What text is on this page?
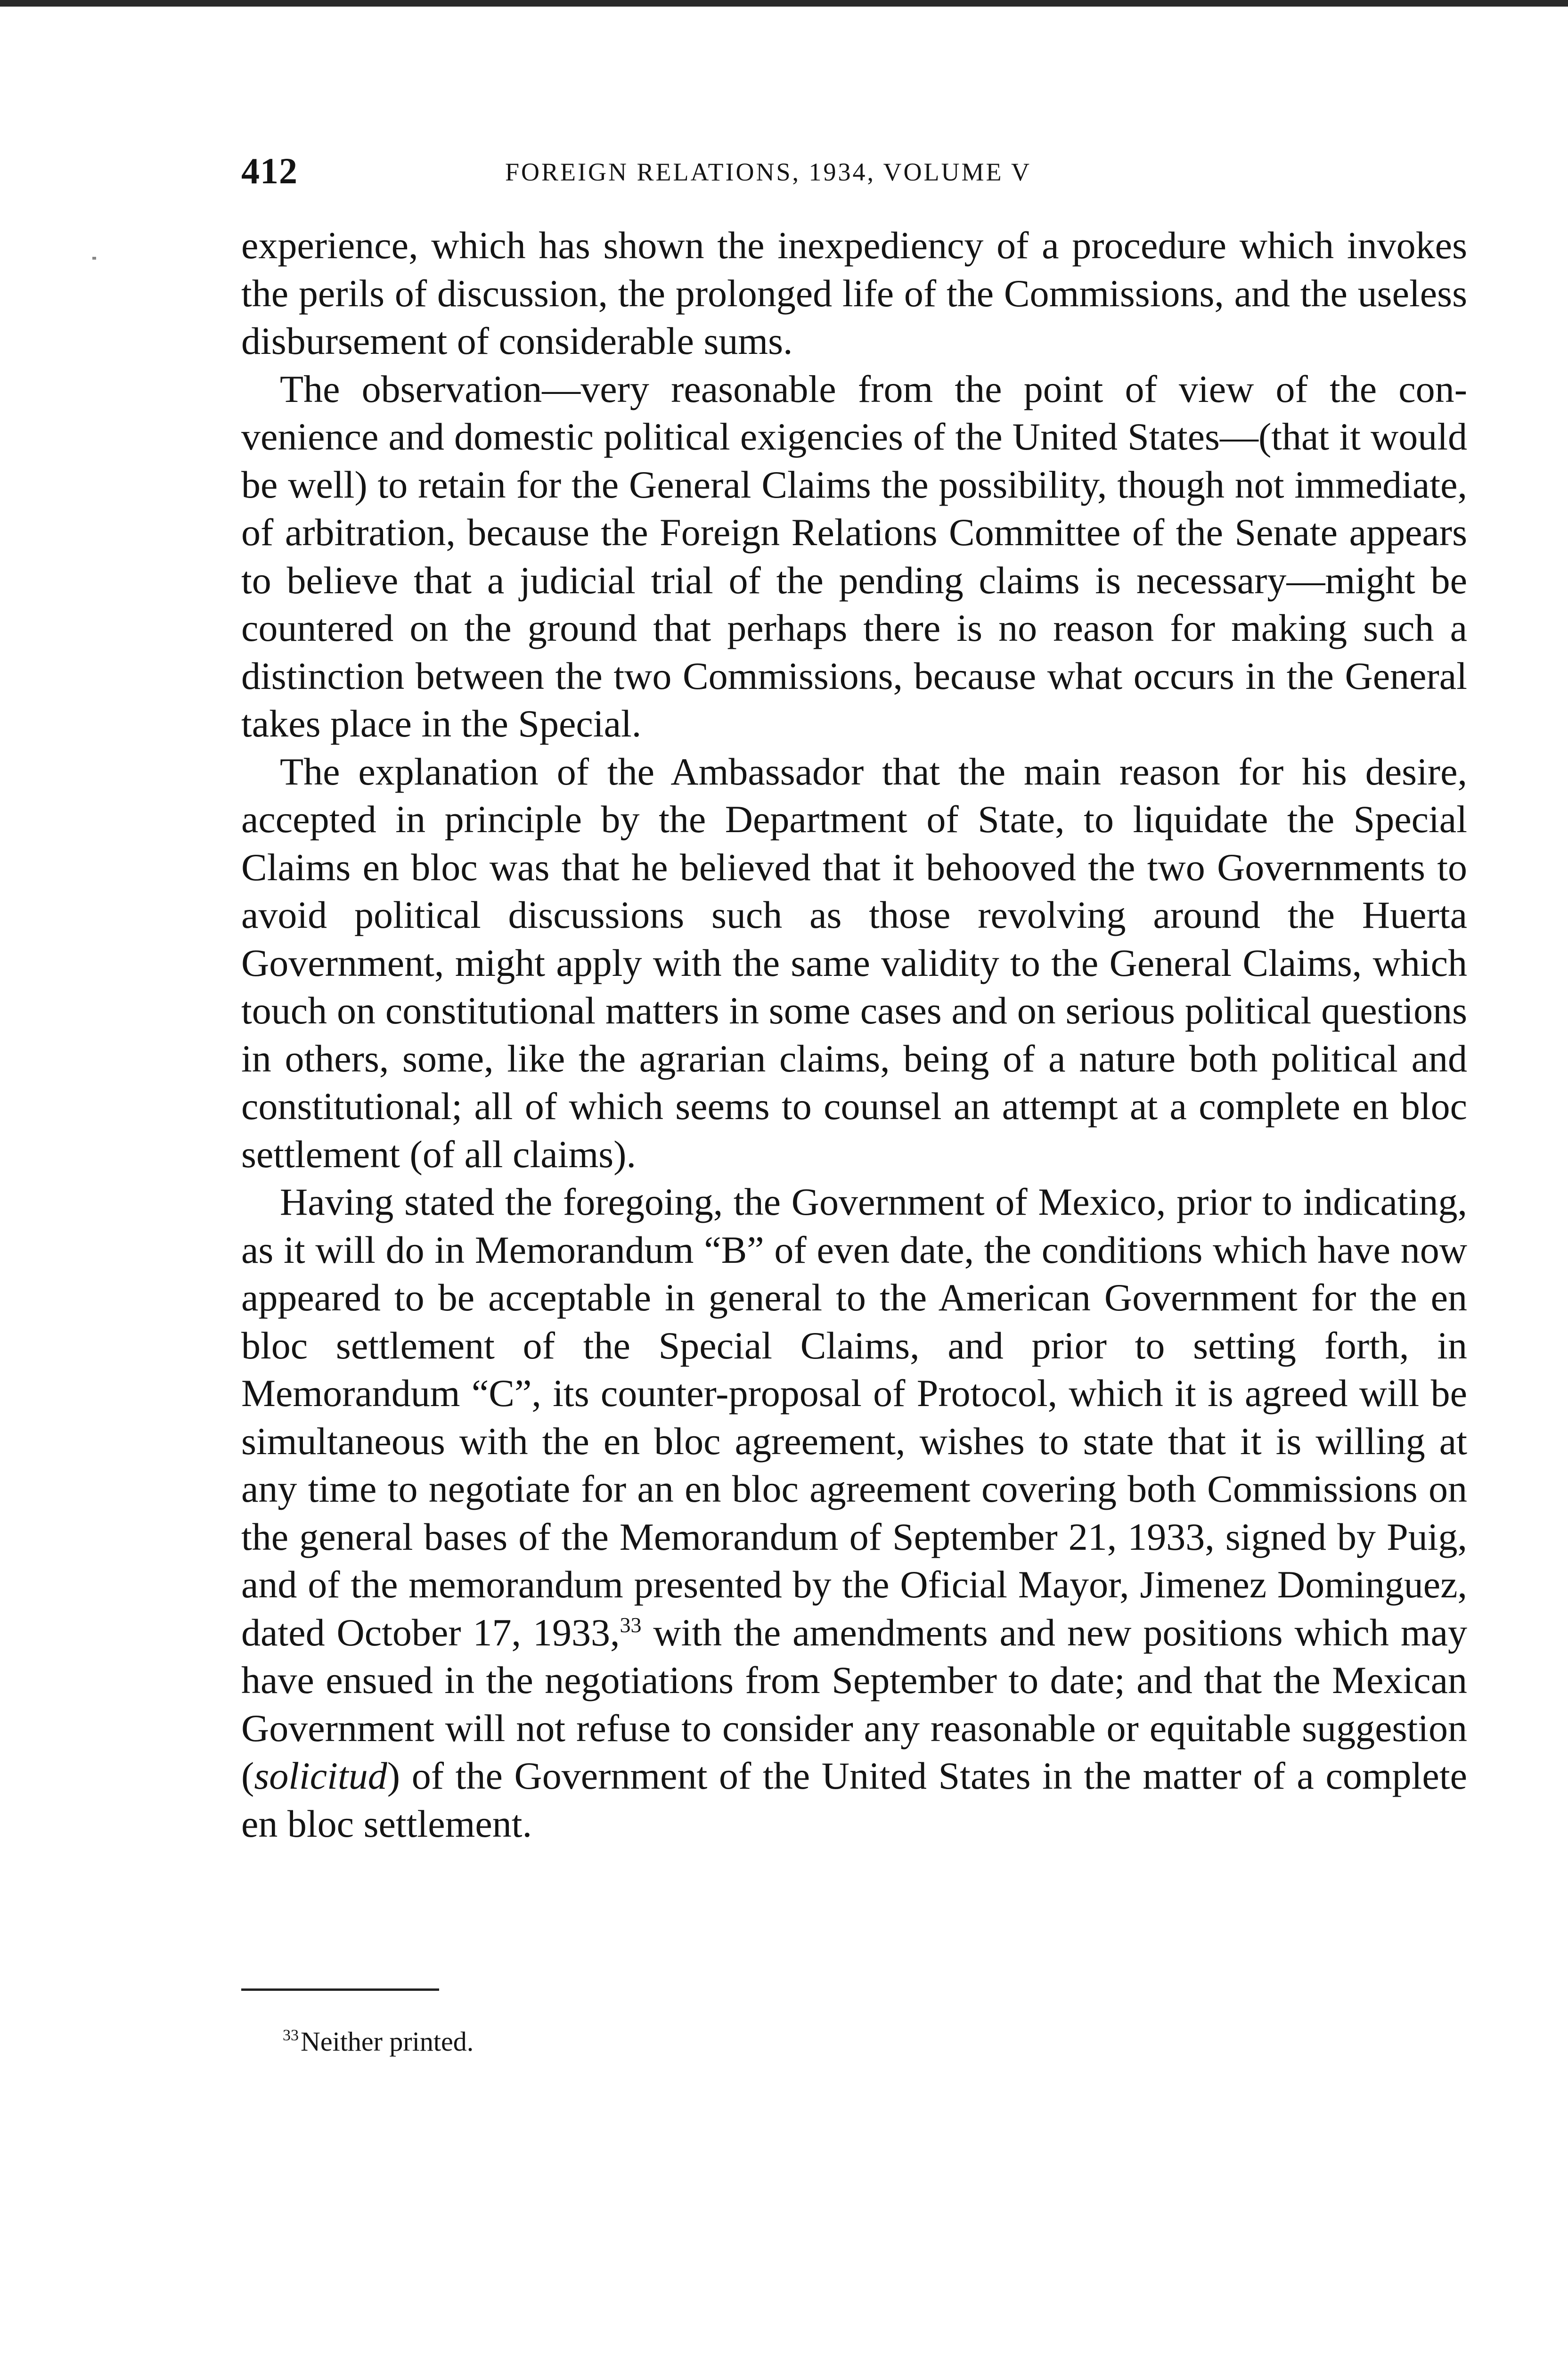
412	FOREIGN RELATIONS, 1934, VOLUME V

experience, which has shown the inexpediency of a procedure which invokes the perils of discussion, the prolonged life of the Commissions, and the useless disbursement of considerable sums.

The observation—very reasonable from the point of view of the convenience and domestic political exigencies of the United States—(that it would be well) to retain for the General Claims the possibility, though not immediate, of arbitration, because the Foreign Relations Committee of the Senate appears to believe that a judicial trial of the pending claims is necessary—might be countered on the ground that perhaps there is no reason for making such a distinction between the two Commissions, because what occurs in the General takes place in the Special.

The explanation of the Ambassador that the main reason for his desire, accepted in principle by the Department of State, to liquidate the Special Claims en bloc was that he believed that it behooved the two Governments to avoid political discussions such as those revolving around the Huerta Government, might apply with the same validity to the General Claims, which touch on constitutional matters in some cases and on serious political questions in others, some, like the agrarian claims, being of a nature both political and constitutional; all of which seems to counsel an attempt at a complete en bloc settlement (of all claims).

Having stated the foregoing, the Government of Mexico, prior to indicating, as it will do in Memorandum “B” of even date, the conditions which have now appeared to be acceptable in general to the American Government for the en bloc settlement of the Special Claims, and prior to setting forth, in Memorandum “C”, its counter-proposal of Protocol, which it is agreed will be simultaneous with the en bloc agreement, wishes to state that it is willing at any time to negotiate for an en bloc agreement covering both Commissions on the general bases of the Memorandum of September 21, 1933, signed by Puig, and of the memorandum presented by the Oficial Mayor, Jimenez Dominguez, dated October 17, 1933,33 with the amendments and new positions which may have ensued in the negotiations from September to date; and that the Mexican Government will not refuse to consider any reasonable or equitable suggestion (solicitud) of the Government of the United States in the matter of a complete en bloc settlement.

$^{33}$Neither printed.
